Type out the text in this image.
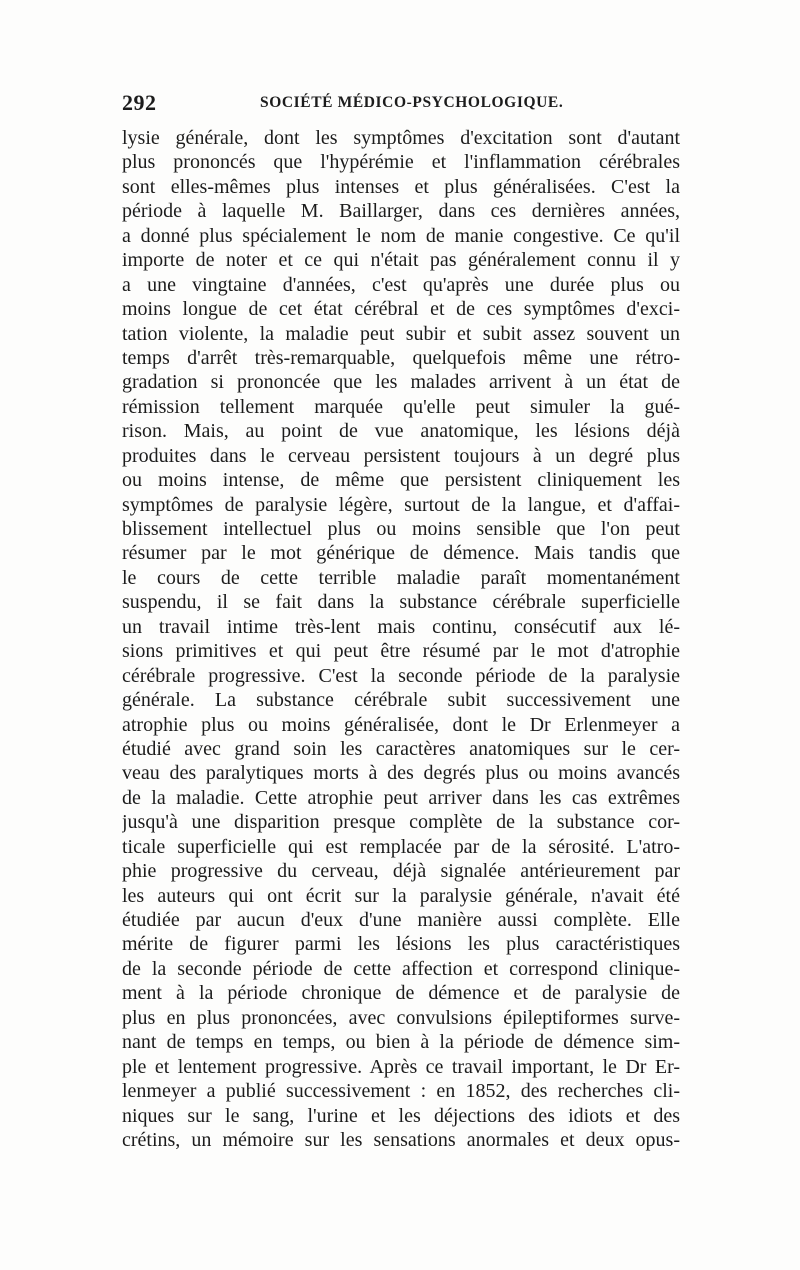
292	SOCIÉTÉ MÉDICO-PSYCHOLOGIQUE.
lysie générale, dont les symptômes d'excitation sont d'autant
plus prononcés que l'hypérémie et l'inflammation cérébrales
sont elles-mêmes plus intenses et plus généralisées. C'est la
période à laquelle M. Baillarger, dans ces dernières années,
a donné plus spécialement le nom de manie congestive. Ce qu'il
importe de noter et ce qui n'était pas généralement connu il y
a une vingtaine d'années, c'est qu'après une durée plus ou
moins longue de cet état cérébral et de ces symptômes d'exci-
tation violente, la maladie peut subir et subit assez souvent un
temps d'arrêt très-remarquable, quelquefois même une rétro-
gradation si prononcée que les malades arrivent à un état de
rémission tellement marquée qu'elle peut simuler la gué-
rison. Mais, au point de vue anatomique, les lésions déjà
produites dans le cerveau persistent toujours à un degré plus
ou moins intense, de même que persistent cliniquement les
symptômes de paralysie légère, surtout de la langue, et d'affai-
blissement intellectuel plus ou moins sensible que l'on peut
résumer par le mot générique de démence. Mais tandis que
le cours de cette terrible maladie paraît momentanément
suspendu, il se fait dans la substance cérébrale superficielle
un travail intime très-lent mais continu, consécutif aux lé-
sions primitives et qui peut être résumé par le mot d'atrophie
cérébrale progressive. C'est la seconde période de la paralysie
générale. La substance cérébrale subit successivement une
atrophie plus ou moins généralisée, dont le Dr Erlenmeyer a
étudié avec grand soin les caractères anatomiques sur le cer-
veau des paralytiques morts à des degrés plus ou moins avancés
de la maladie. Cette atrophie peut arriver dans les cas extrêmes
jusqu'à une disparition presque complète de la substance cor-
ticale superficielle qui est remplacée par de la sérosité. L'atro-
phie progressive du cerveau, déjà signalée antérieurement par
les auteurs qui ont écrit sur la paralysie générale, n'avait été
étudiée par aucun d'eux d'une manière aussi complète. Elle
mérite de figurer parmi les lésions les plus caractéristiques
de la seconde période de cette affection et correspond clinique-
ment à la période chronique de démence et de paralysie de
plus en plus prononcées, avec convulsions épileptiformes surve-
nant de temps en temps, ou bien à la période de démence sim-
ple et lentement progressive. Après ce travail important, le Dr Er-
lenmeyer a publié successivement : en 1852, des recherches cli-
niques sur le sang, l'urine et les déjections des idiots et des
crétins, un mémoire sur les sensations anormales et deux opus-
